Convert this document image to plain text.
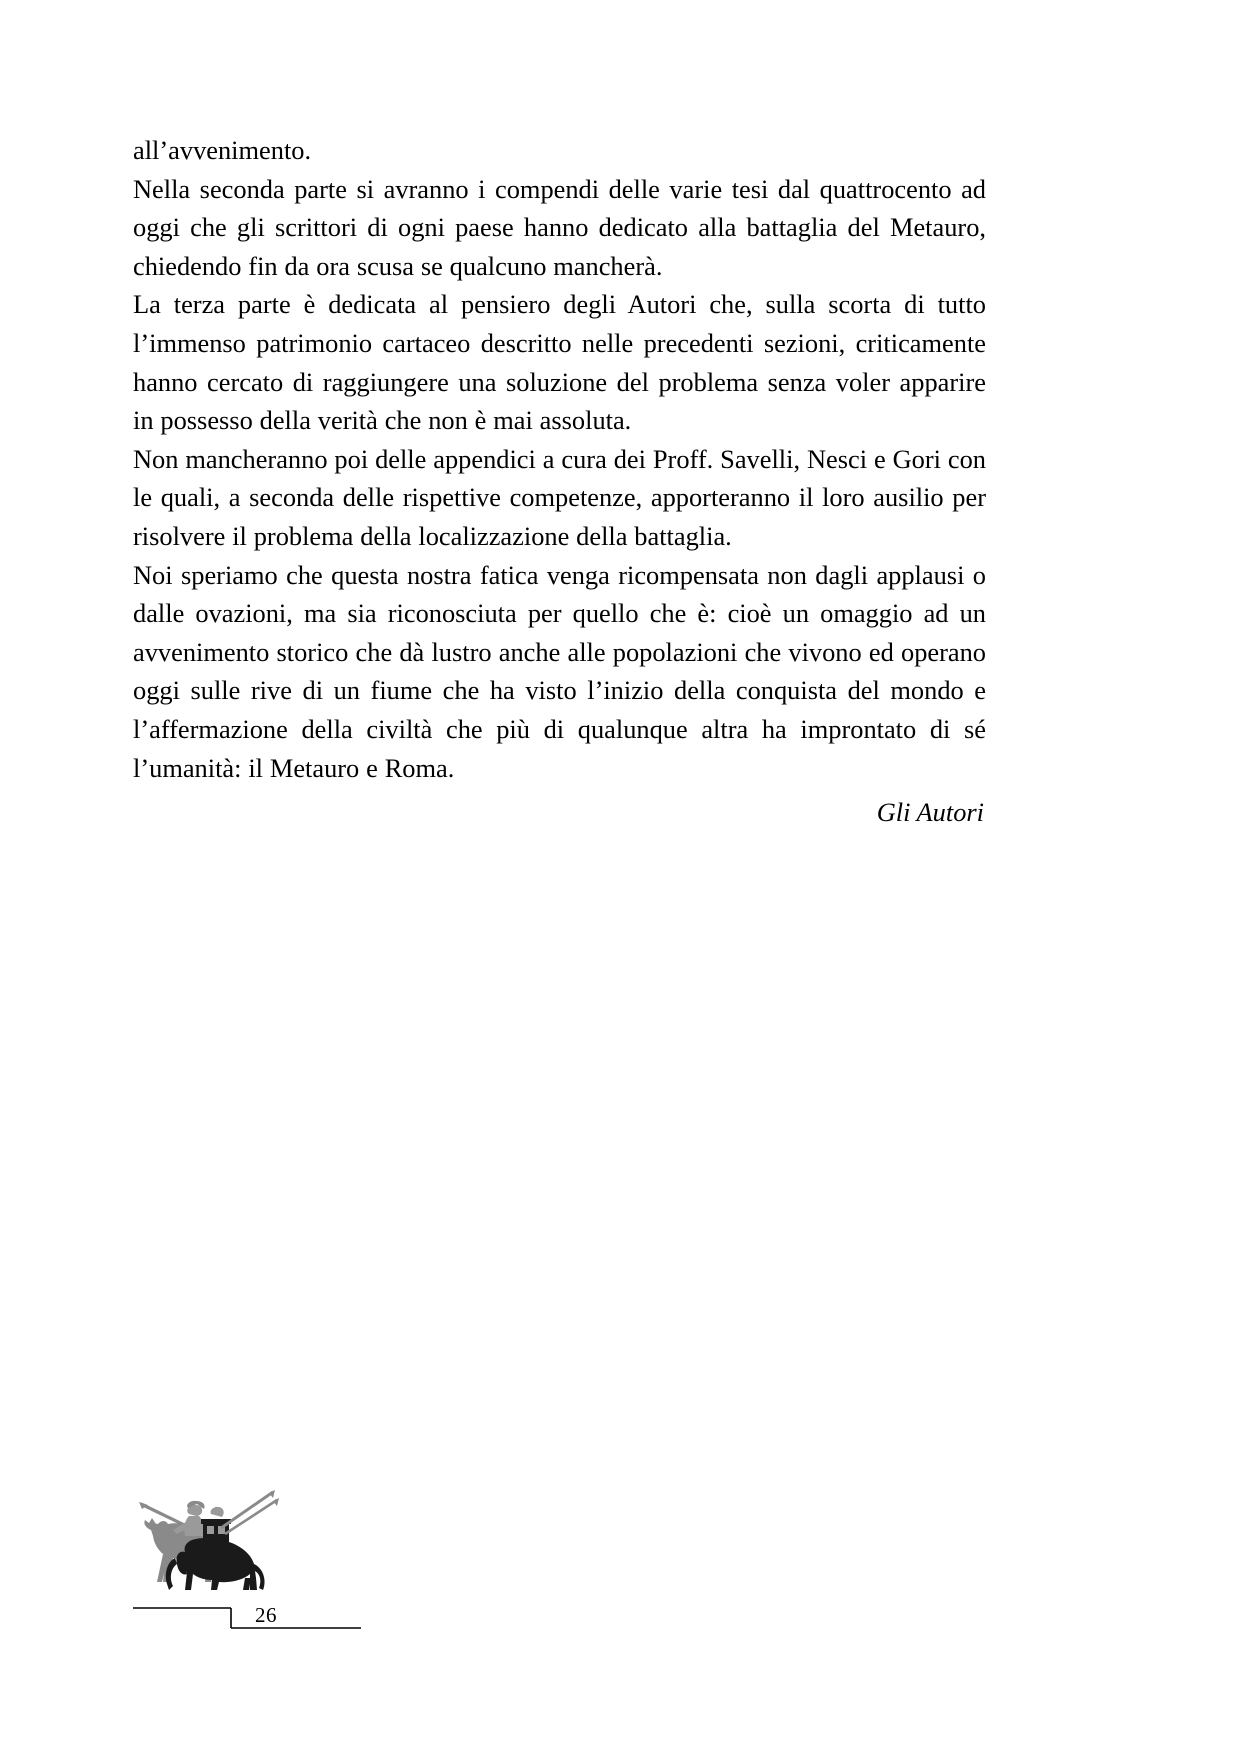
all’avvenimento.

Nella seconda parte si avranno i compendi delle varie tesi dal quattrocento ad oggi che gli scrittori di ogni paese hanno dedicato alla battaglia del Metauro, chiedendo fin da ora scusa se qualcuno mancherà.

La terza parte è dedicata al pensiero degli Autori che, sulla scorta di tutto l’immenso patrimonio cartaceo descritto nelle precedenti sezioni, criticamente hanno cercato di raggiungere una soluzione del problema senza voler apparire in possesso della verità che non è mai assoluta.

Non mancheranno poi delle appendici a cura dei Proff. Savelli, Nesci e Gori con le quali, a seconda delle rispettive competenze, apporteranno il loro ausilio per risolvere il problema della localizzazione della battaglia.

Noi speriamo che questa nostra fatica venga ricompensata non dagli applausi o dalle ovazioni, ma sia riconosciuta per quello che è: cioè un omaggio ad un avvenimento storico che dà lustro anche alle popolazioni che vivono ed operano oggi sulle rive di un fiume che ha visto l’inizio della conquista del mondo e l’affermazione della civiltà che più di qualunque altra ha improntato di sé l’umanità: il Metauro e Roma.

Gli Autori

26
